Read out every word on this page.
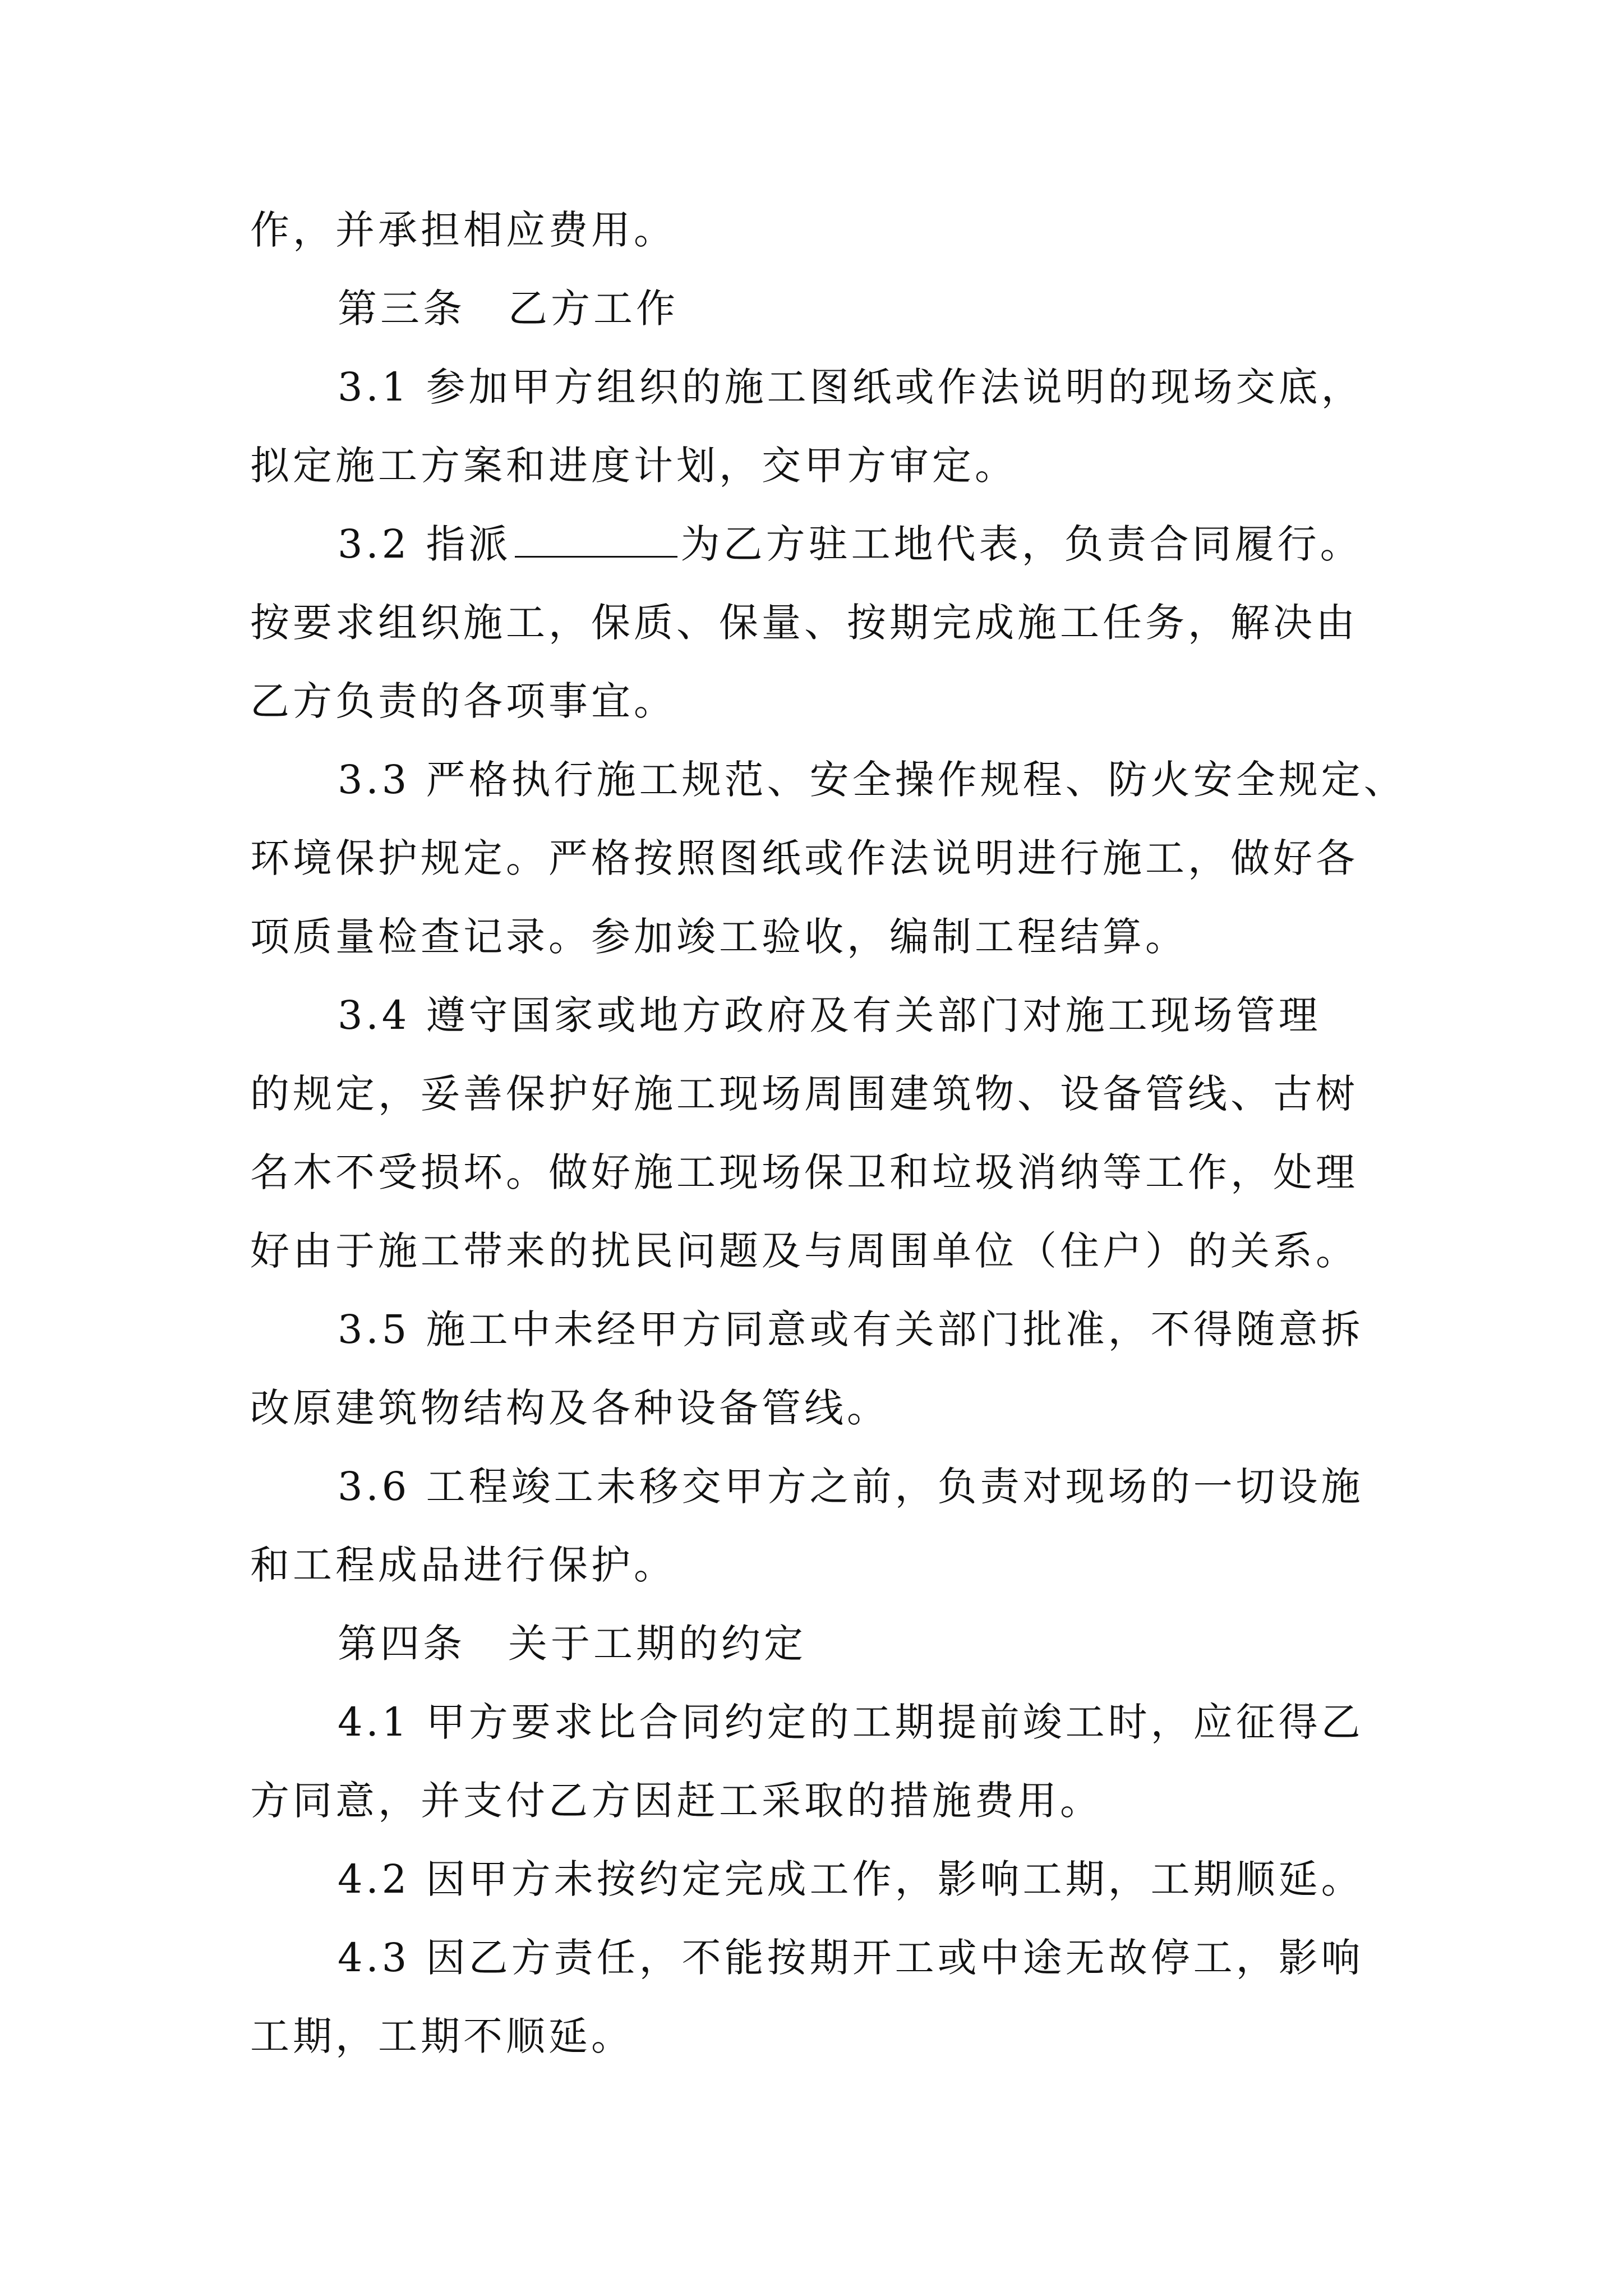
作，并承担相应费用。

第三条　乙方工作

3.1 参加甲方组织的施工图纸或作法说明的现场交底，

拟定施工方案和进度计划，交甲方审定。

3.2 指派	为乙方驻工地代表，负责合同履行。

按要求组织施工，保质、保量、按期完成施工任务，解决由

乙方负责的各项事宜。

3.3 严格执行施工规范、安全操作规程、防火安全规定、

环境保护规定。严格按照图纸或作法说明进行施工，做好各

项质量检查记录。参加竣工验收，编制工程结算。

3.4 遵守国家或地方政府及有关部门对施工现场管理

的规定，妥善保护好施工现场周围建筑物、设备管线、古树

名木不受损坏。做好施工现场保卫和垃圾消纳等工作，处理

好由于施工带来的扰民问题及与周围单位（住户）的关系。

3.5 施工中未经甲方同意或有关部门批准，不得随意拆

改原建筑物结构及各种设备管线。

3.6 工程竣工未移交甲方之前，负责对现场的一切设施

和工程成品进行保护。

第四条　关于工期的约定

4.1 甲方要求比合同约定的工期提前竣工时，应征得乙

方同意，并支付乙方因赶工采取的措施费用。

4.2 因甲方未按约定完成工作，影响工期，工期顺延。

4.3 因乙方责任，不能按期开工或中途无故停工，影响

工期，工期不顺延。
